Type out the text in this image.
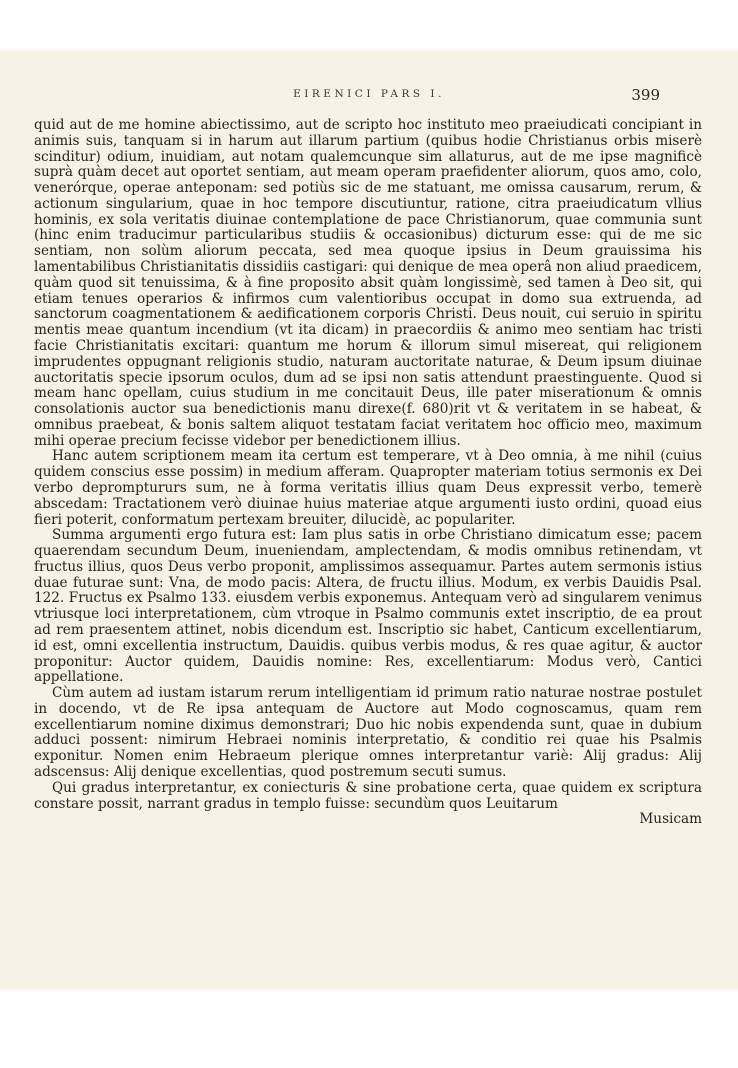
EIRENICI PARS I.	399

quid aut de me homine abiectissimo, aut de scripto hoc instituto meo praeiudicati concipiant in animis suis, tanquam si in harum aut illarum partium (quibus hodie Christianus orbis miserè scinditur) odium, inuidiam, aut notam qualemcunque sim allaturus, aut de me ipse magnificè suprà quàm decet aut oportet sentiam, aut meam operam praefidenter aliorum, quos amo, colo, venerórque, operae anteponam: sed potiùs sic de me statuant, me omissa causarum, rerum, & actionum singularium, quae in hoc tempore discutiuntur, ratione, citra praeiudicatum vllius hominis, ex sola veritatis diuinae contemplatione de pace Christianorum, quae communia sunt (hinc enim traducimur particularibus studiis & occasionibus) dicturum esse: qui de me sic sentiam, non solùm aliorum peccata, sed mea quoque ipsius in Deum grauissima his lamentabilibus Christianitatis dissidiis castigari: qui denique de mea operâ non aliud praedicem, quàm quod sit tenuissima, & à fine proposito absit quàm longissimè, sed tamen à Deo sit, qui etiam tenues operarios & infirmos cum valentioribus occupat in domo sua extruenda, ad sanctorum coagmentationem & aedificationem corporis Christi. Deus nouit, cui seruio in spiritu mentis meae quantum incendium (vt ita dicam) in praecordiis & animo meo sentiam hac tristi facie Christianitatis excitari: quantum me horum & illorum simul misereat, qui religionem imprudentes oppugnant religionis studio, naturam auctoritate naturae, & Deum ipsum diuinae auctoritatis specie ipsorum oculos, dum ad se ipsi non satis attendunt praestinguente. Quod si meam hanc opellam, cuius studium in me concitauit Deus, ille pater miserationum & omnis consolationis auctor sua benedictionis manu direxe(f. 680)rit vt & veritatem in se habeat, & omnibus praebeat, & bonis saltem aliquot testatam faciat veritatem hoc officio meo, maximum mihi operae precium fecisse videbor per benedictionem illius.

Hanc autem scriptionem meam ita certum est temperare, vt à Deo omnia, à me nihil (cuius quidem conscius esse possim) in medium afferam. Quapropter materiam totius sermonis ex Dei verbo depromptururs sum, ne à forma veritatis illius quam Deus expressit verbo, temerè abscedam: Tractationem verò diuinae huius materiae atque argumenti iusto ordini, quoad eius fieri poterit, conformatum pertexam breuiter, dilucidè, ac populariter.

Summa argumenti ergo futura est: Iam plus satis in orbe Christiano dimicatum esse; pacem quaerendam secundum Deum, inueniendam, amplectendam, & modis omnibus retinendam, vt fructus illius, quos Deus verbo proponit, amplissimos assequamur. Partes autem sermonis istius duae futurae sunt: Vna, de modo pacis: Altera, de fructu illius. Modum, ex verbis Dauidis Psal. 122. Fructus ex Psalmo 133. eiusdem verbis exponemus. Antequam verò ad singularem venimus vtriusque loci interpretationem, cùm vtroque in Psalmo communis extet inscriptio, de ea prout ad rem praesentem attinet, nobis dicendum est. Inscriptio sic habet, Canticum excellentiarum, id est, omni excellentia instructum, Dauidis. quibus verbis modus, & res quae agitur, & auctor proponitur: Auctor quidem, Dauidis nomine: Res, excellentiarum: Modus verò, Cantici appellatione.

Cùm autem ad iustam istarum rerum intelligentiam id primum ratio naturae nostrae postulet in docendo, vt de Re ipsa antequam de Auctore aut Modo cognoscamus, quam rem excellentiarum nomine diximus demonstrari; Duo hic nobis expendenda sunt, quae in dubium adduci possent: nimirum Hebraei nominis interpretatio, & conditio rei quae his Psalmis exponitur. Nomen enim Hebraeum plerique omnes interpretantur variè: Alij gradus: Alij adscensus: Alij denique excellentias, quod postremum secuti sumus.

Qui gradus interpretantur, ex coniecturis & sine probatione certa, quae quidem ex scriptura constare possit, narrant gradus in templo fuisse: secundùm quos Leuitarum

Musicam
